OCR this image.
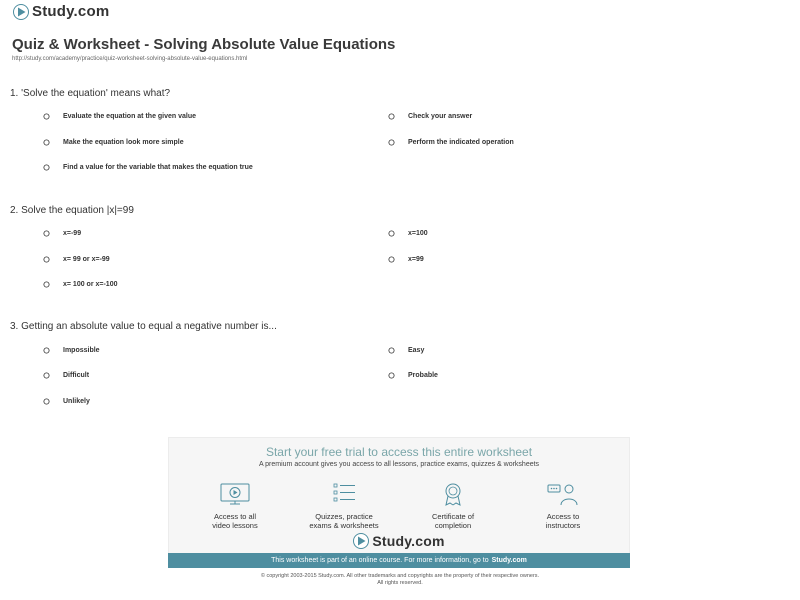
Study.com
Quiz & Worksheet - Solving Absolute Value Equations
http://study.com/academy/practice/quiz-worksheet-solving-absolute-value-equations.html
1. 'Solve the equation' means what?
Evaluate the equation at the given value	Check your answer
Make the equation look more simple	Perform the indicated operation
Find a value for the variable that makes the equation true
2. Solve the equation |x|=99
x=-99	x=100
x= 99 or x=-99	x=99
x= 100 or x=-100
3. Getting an absolute value to equal a negative number is...
Impossible	Easy
Difficult	Probable
Unlikely
Start your free trial to access this entire worksheet
A premium account gives you access to all lessons, practice exams, quizzes & worksheets
Access to all
video lessons
Quizzes, practice
exams & worksheets
Certificate of
completion
Access to
instructors
Study.com
This worksheet is part of an online course. For more information, go to Study.com
© copyright 2003-2015 Study.com. All other trademarks and copyrights are the property of their respective owners.
All rights reserved.
